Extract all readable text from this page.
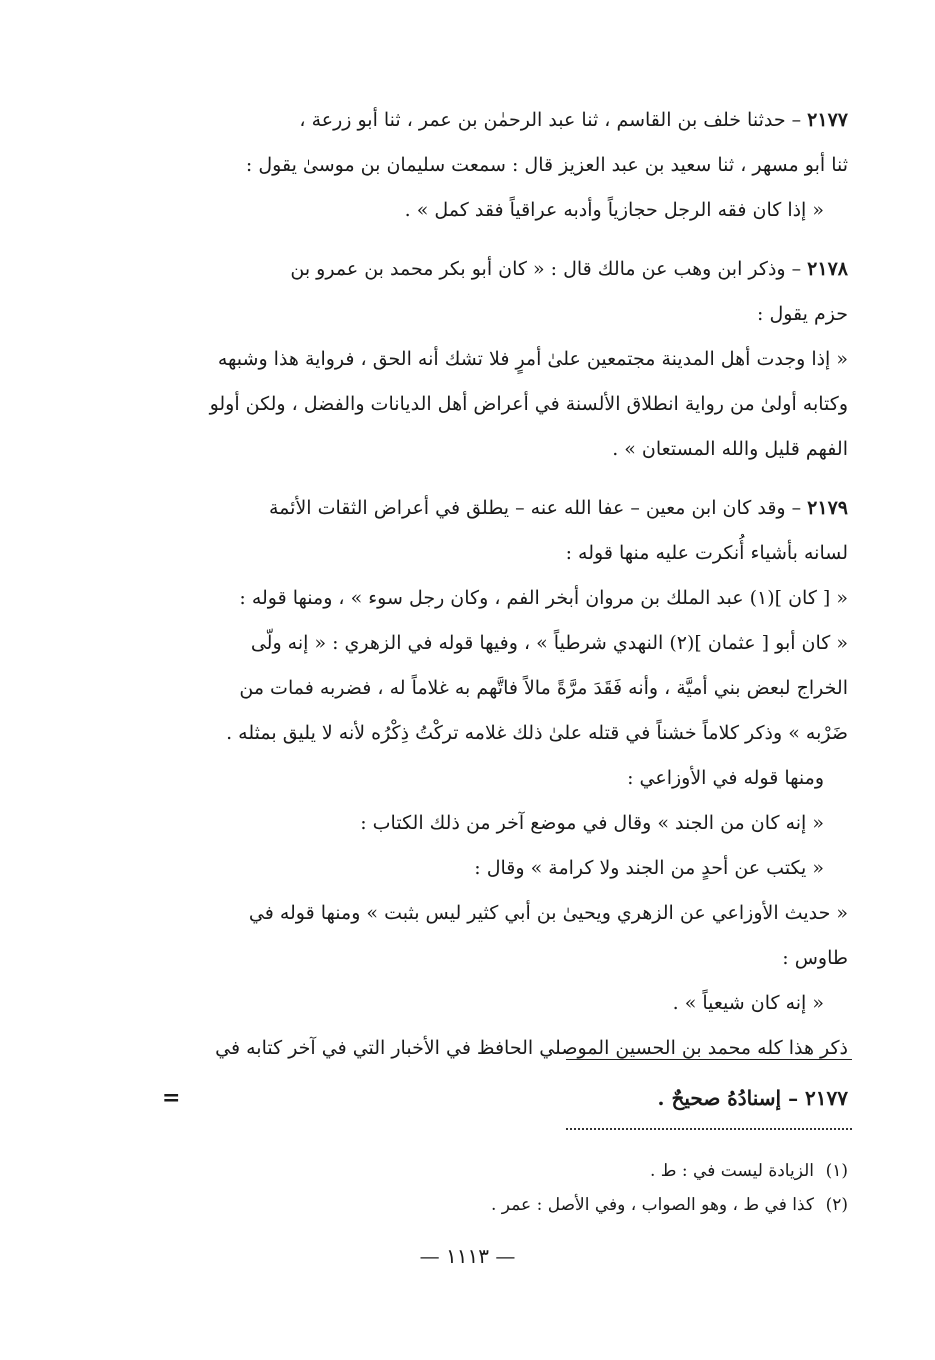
٢١٧٧ – حدثنا خلف بن القاسم ، ثنا عبد الرحمٰن بن عمر ، ثنا أبو زرعة ،
ثنا أبو مسهر ، ثنا سعيد بن عبد العزيز قال : سمعت سليمان بن موسىٰ يقول :
« إذا كان فقه الرجل حجازياً وأدبه عراقياً فقد كمل » .
٢١٧٨ – وذكر ابن وهب عن مالك قال : « كان أبو بكر محمد بن عمرو بن
حزم يقول :
« إذا وجدت أهل المدينة مجتمعين علىٰ أمرٍ فلا تشك أنه الحق ، فرواية هذا وشبهه
وكتابه أولىٰ من رواية انطلاق الألسنة في أعراض أهل الديانات والفضل ، ولكن أولو
الفهم قليل والله المستعان » .
٢١٧٩ – وقد كان ابن معين – عفا الله عنه – يطلق في أعراض الثقات الأئمة
لسانه بأشياء أُنكرت عليه منها قوله :
« [ كان ](١) عبد الملك بن مروان أبخر الفم ، وكان رجل سوء » ، ومنها قوله :
« كان أبو [ عثمان ](٢) النهدي شرطياً » ، وفيها قوله في الزهري : « إنه ولّى
الخراج لبعض بني أميَّة ، وأنه فَقَدَ مرَّةً مالاً فاتَّهم به غلاماً له ، فضربه فمات من
ضَرْبه » وذكر كلاماً خشناً في قتله علىٰ ذلك غلامه تركْتُ ذِكْرُه لأنه لا يليق بمثله .
ومنها قوله في الأوزاعي :
« إنه كان من الجند » وقال في موضع آخر من ذلك الكتاب :
« يكتب عن أحدٍ من الجند ولا كرامة » وقال :
« حديث الأوزاعي عن الزهري ويحيىٰ بن أبي كثير ليس بثبت » ومنها قوله في
طاوس :
« إنه كان شيعياً » .
ذكر هذا كله محمد بن الحسين الموصلي الحافظ في الأخبار التي في آخر كتابه في
٢١٧٧ – إسنادُهُ صحيحٌ .
=
(١)الزيادة ليست في : ط .
(٢)كذا في ط ، وهو الصواب ، وفي الأصل : عمر .
— ١١١٣ —
